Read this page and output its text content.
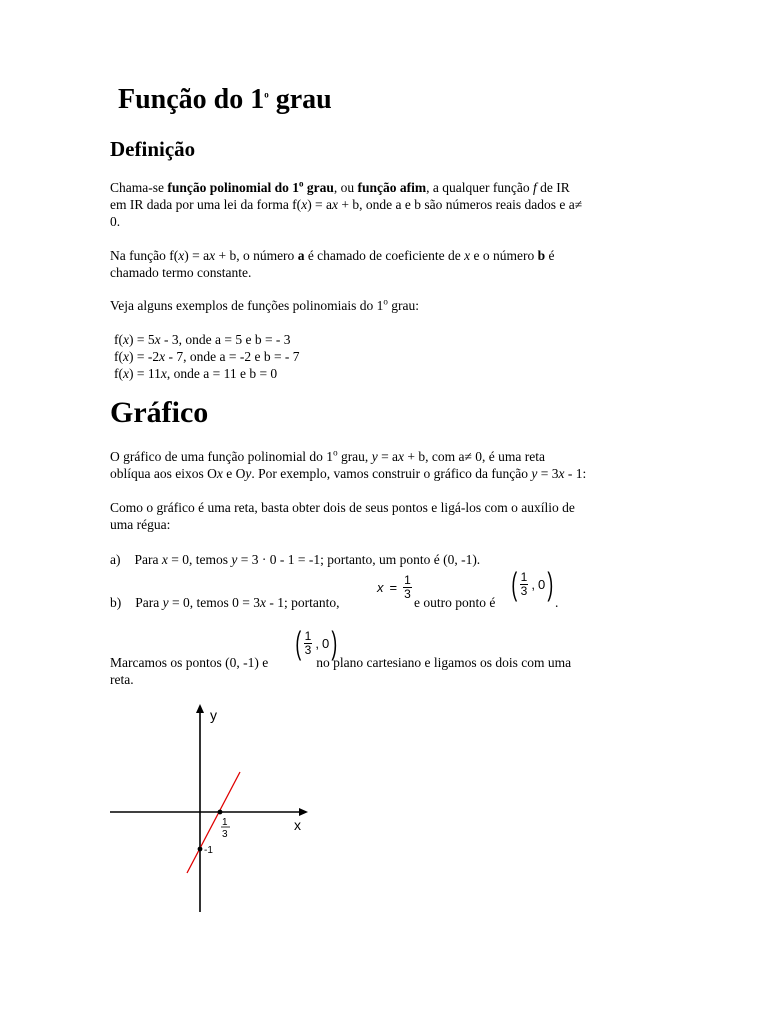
Função do 1$^o$ grau
Definição
Chama-se função polinomial do 1$^o$ grau, ou função afim, a qualquer função f de IR
em IR dada por uma lei da forma f(x) = ax + b, onde a e b são números reais dados e a≠
0.
Na função f(x) = ax + b, o número a é chamado de coeficiente de x e o número b é
chamado termo constante.
Veja alguns exemplos de funções polinomiais do 1$^o$ grau:
f(x) = 5x - 3, onde a = 5 e b = - 3
f(x) = -2x - 7, onde a = -2 e b = - 7
f(x) = 11x, onde a = 11 e b = 0
Gráfico
O gráfico de uma função polinomial do 1$^o$ grau, y = ax + b, com a≠ 0, é uma reta
oblíqua aos eixos Ox e Oy. Por exemplo, vamos construir o gráfico da função y = 3x - 1:
Como o gráfico é uma reta, basta obter dois de seus pontos e ligá-los com o auxílio de
uma régua:
a) Para x = 0, temos y = 3 · 0 - 1 = -1; portanto, um ponto é (0, -1).
b) Para y = 0, temos 0 = 3x - 1; portanto,
$x = \frac{1}{3}$
e outro ponto é
( $\frac{1}{3}$ , 0 )
.
Marcamos os pontos (0, -1) e	no plano cartesiano e ligamos os dois com uma
reta.
( $\frac{1}{3}$ , 0 )
y
x
1
3
-1
